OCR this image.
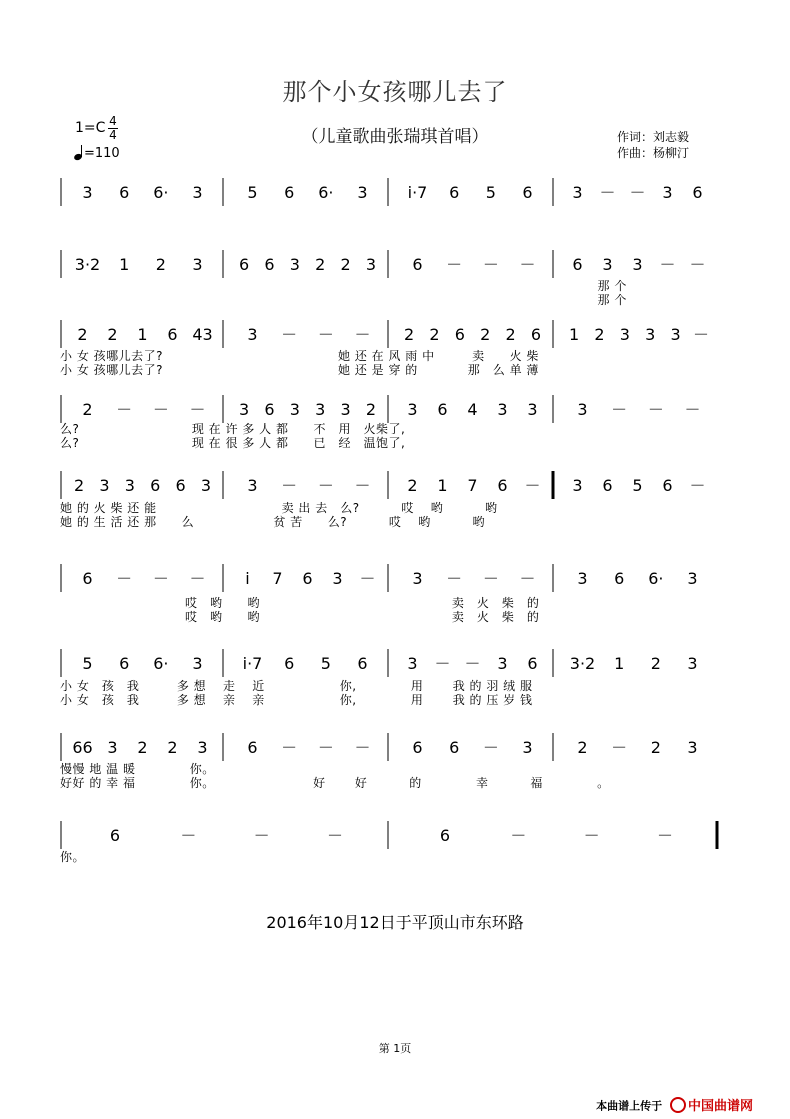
那个小女孩哪儿去了
（儿童歌曲张瑞琪首唱）
1=C 4
4
=110
作词：刘志毅
作曲：杨柳汀
3 6 6· 3	5 6 6· 3	i·7 6 5 6 3 － － 3 6
3·2 1 2 3 6 6 3 2 2 3 6 － － － 6 3 3 － －
　　　　　　　　　　　　　　　　　　　　　　　　　　　　　　　　　　　　　　　　　　　那 个
　　　　　　　　　　　　　　　　　　　　　　　　　　　　　　　　　　　　　　　　　　　那 个
2 2 1 6 43 3 － － － 2 2 6 2 2 6 1 2 3 3 3 －
小 女 孩哪儿去了?　　　　　　　　　　　　　　她 还 在 风 雨 中　　　卖　　火 柴
小 女 孩哪儿去了?　　　　　　　　　　　　　　她 还 是 穿 的　　　　那　么 单 薄
2 － － － 3 6 3 3 3 2 3 6 4 3 3 3 － － －
么?　　　　　　　　　现 在 许 多 人 都　　不　用　火柴了,
么?　　　　　　　　　现 在 很 多 人 都　　已　经　温饱了,
2 3 3 6 6 3 3 － － － 2 1 7 6 － 3 6 5 6 －
她 的 火 柴 还 能　　　　　　　　　　卖 出 去　么?　　　 哎　 哟　　　 哟
她 的 生 活 还 那　　么　　　　　　 贫 苦　　么?　　　 哎　 哟　　　 哟
6 － － － i 7 6 3 － 3 － － －	3 6 6· 3
　　　　　　　　　　哎　哟　　哟　　　　　　　　　　　　　　　 卖　火　柴　的
　　　　　　　　　　哎　哟　　哟　　　　　　　　　　　　　　　 卖　火　柴　的
5 6 6· 3	i·7 6 5 6 3 － － 3 6 3·2 1 2 3
小 女　孩　我　　　多 想　 走　 近　　　　　　你,　　　　 用　　 我 的 羽 绒 服
小 女　孩　我　　　多 想　 亲　 亲　　　　　　你,　　　　 用　　 我 的 压 岁 钱
66 3 2 2 3 6 － － －	6 6 － 3	2 － 2 3
慢慢 地 温 暖　　　　 你。
好好 的 幸 福　　　　 你。　　　　　　　　 好　　 好　　　 的　　　　 幸　　　 福　　　　 。
6	－	－	－	6	－	－	－
你。
2016年10月12日于平顶山市东环路
第 1页
本曲谱上传于 中国曲谱网
